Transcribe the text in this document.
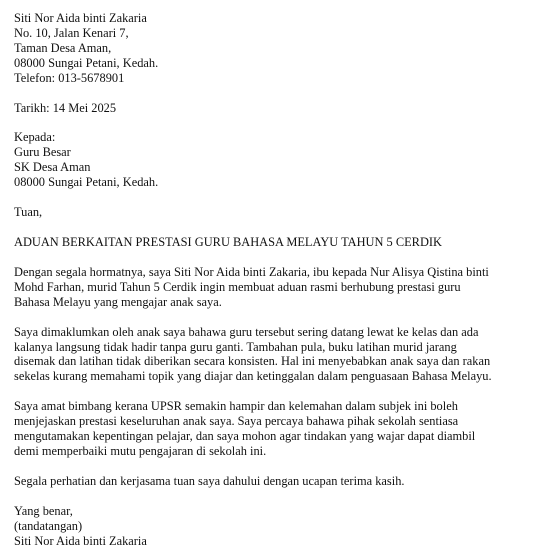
Siti Nor Aida binti Zakaria
No. 10, Jalan Kenari 7,
Taman Desa Aman,
08000 Sungai Petani, Kedah.
Telefon: 013-5678901
Tarikh: 14 Mei 2025
Kepada:
Guru Besar
SK Desa Aman
08000 Sungai Petani, Kedah.
Tuan,
ADUAN BERKAITAN PRESTASI GURU BAHASA MELAYU TAHUN 5 CERDIK
Dengan segala hormatnya, saya Siti Nor Aida binti Zakaria, ibu kepada Nur Alisya Qistina binti
Mohd Farhan, murid Tahun 5 Cerdik ingin membuat aduan rasmi berhubung prestasi guru
Bahasa Melayu yang mengajar anak saya.
Saya dimaklumkan oleh anak saya bahawa guru tersebut sering datang lewat ke kelas dan ada
kalanya langsung tidak hadir tanpa guru ganti. Tambahan pula, buku latihan murid jarang
disemak dan latihan tidak diberikan secara konsisten. Hal ini menyebabkan anak saya dan rakan
sekelas kurang memahami topik yang diajar dan ketinggalan dalam penguasaan Bahasa Melayu.
Saya amat bimbang kerana UPSR semakin hampir dan kelemahan dalam subjek ini boleh
menjejaskan prestasi keseluruhan anak saya. Saya percaya bahawa pihak sekolah sentiasa
mengutamakan kepentingan pelajar, dan saya mohon agar tindakan yang wajar dapat diambil
demi memperbaiki mutu pengajaran di sekolah ini.
Segala perhatian dan kerjasama tuan saya dahului dengan ucapan terima kasih.
Yang benar,
(tandatangan)
Siti Nor Aida binti Zakaria
